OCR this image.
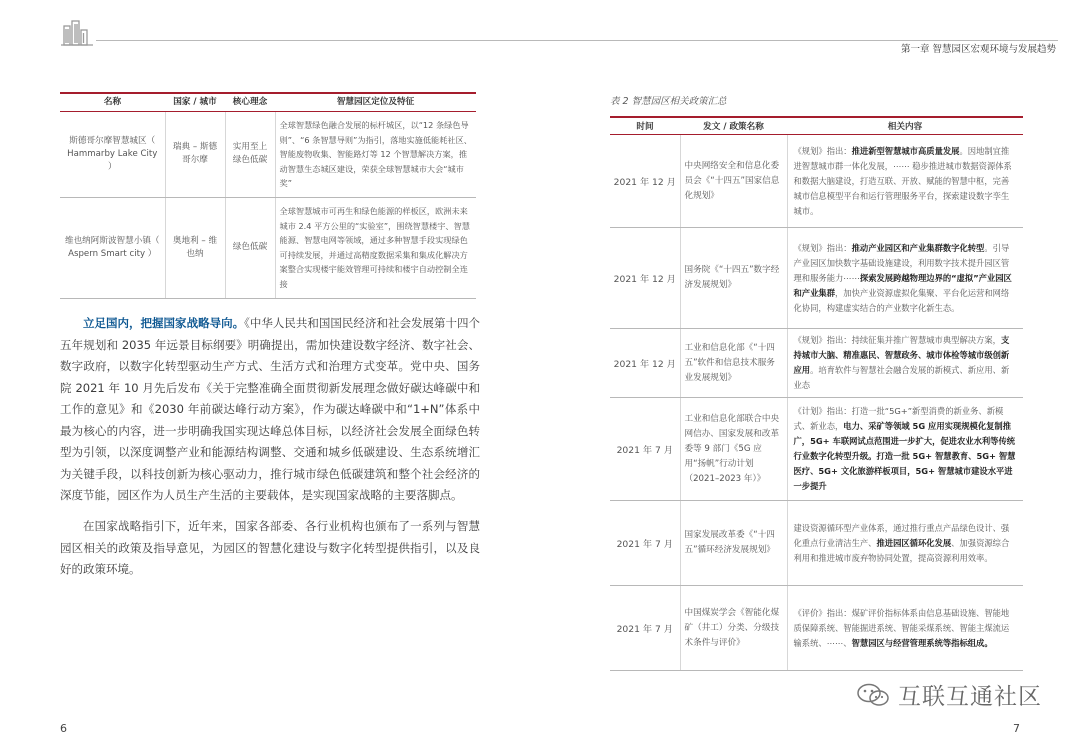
第一章 智慧园区宏观环境与发展趋势
名称	国家 / 城市	核心理念	智慧园区定位及特征
斯德哥尔摩智慧城区（ Hammarby Lake City ）	瑞典 – 斯德哥尔摩	实用至上 绿色低碳	全球智慧绿色融合发展的标杆城区，以“12 条绿色导则”、“6 条智慧导则”为指引，落地实施低能耗社区、智能废物收集、智能路灯等 12 个智慧解决方案，推动智慧生态城区建设，荣获全球智慧城市大会“城市奖”
维也纳阿斯波智慧小镇（ Aspern Smart city ）	奥地利 – 维也纳	绿色低碳	全球智慧城市可再生和绿色能源的样板区，欧洲未来城市 2.4 平方公里的“实验室”，围绕智慧楼宇、智慧能源、智慧电网等领域，通过多种智慧手段实现绿色可持续发展，并通过高精度数据采集和集成化解决方案整合实现楼宇能效管理可持续和楼宇自动控制全连接

立足国内，把握国家战略导向。《中华人民共和国国民经济和社会发展第十四个五年规划和 2035 年远景目标纲要》明确提出，需加快建设数字经济、数字社会、数字政府，以数字化转型驱动生产方式、生活方式和治理方式变革。党中央、国务院 2021 年 10 月先后发布《关于完整准确全面贯彻新发展理念做好碳达峰碳中和工作的意见》和《2030 年前碳达峰行动方案》，作为碳达峰碳中和“1+N”体系中最为核心的内容，进一步明确我国实现达峰总体目标，以经济社会发展全面绿色转型为引领，以深度调整产业和能源结构调整、交通和城乡低碳建设、生态系统增汇为关键手段，以科技创新为核心驱动力，推行城市绿色低碳建筑和整个社会经济的深度节能，园区作为人员生产生活的主要载体，是实现国家战略的主要落脚点。

在国家战略指引下，近年来，国家各部委、各行业机构也颁布了一系列与智慧园区相关的政策及指导意见，为园区的智慧化建设与数字化转型提供指引，以及良好的政策环境。

表 2 智慧园区相关政策汇总
时间	发文 / 政策名称	相关内容
2021 年 12 月	中央网络安全和信息化委员会《“十四五”国家信息化规划》	《规划》指出：推进新型智慧城市高质量发展。因地制宜推进智慧城市群一体化发展，⋯⋯ 稳步推进城市数据资源体系和数据大脑建设，打造互联、开放、赋能的智慧中枢，完善城市信息模型平台和运行管理服务平台，探索建设数字孪生城市。
2021 年 12 月	国务院《“十四五”数字经济发展规划》	《规划》指出：推动产业园区和产业集群数字化转型。引导产业园区加快数字基础设施建设，利用数字技术提升园区管理和服务能力⋯⋯探索发展跨越物理边界的“虚拟”产业园区和产业集群，加快产业资源虚拟化集聚、平台化运营和网络化协同，构建虚实结合的产业数字化新生态。
2021 年 12 月	工业和信息化部《“十四五”软件和信息技术服务业发展规划》	《规划》指出：持续征集并推广智慧城市典型解决方案，支持城市大脑、精准惠民、智慧政务、城市体检等城市级创新应用。培育软件与智慧社会融合发展的新模式、新应用、新业态
2021 年 7 月	工业和信息化部联合中央网信办、国家发展和改革委等 9 部门《5G 应用“扬帆”行动计划（2021–2023 年）》	《计划》指出：打造一批“5G+”新型消费的新业务、新模式、新业态，电力、采矿等领域 5G 应用实现规模化复制推广，5G+ 车联网试点范围进一步扩大，促进农业水利等传统行业数字化转型升级。打造一批 5G+ 智慧教育、5G+ 智慧医疗、5G+ 文化旅游样板项目，5G+ 智慧城市建设水平进一步提升
2021 年 7 月	国家发展改革委《“十四五”循环经济发展规划》	建设资源循环型产业体系，通过推行重点产品绿色设计、强化重点行业清洁生产、推进园区循环化发展、加强资源综合利用和推进城市废弃物协同处置，提高资源利用效率。
2021 年 7 月	中国煤炭学会《智能化煤矿（井工）分类、分级技术条件与评价》	《评价》指出：煤矿评价指标体系由信息基础设施、智能地质保障系统、智能掘进系统、智能采煤系统、智能主煤流运输系统、⋯⋯、智慧园区与经营管理系统等指标组成。
6	7
互联互通社区
